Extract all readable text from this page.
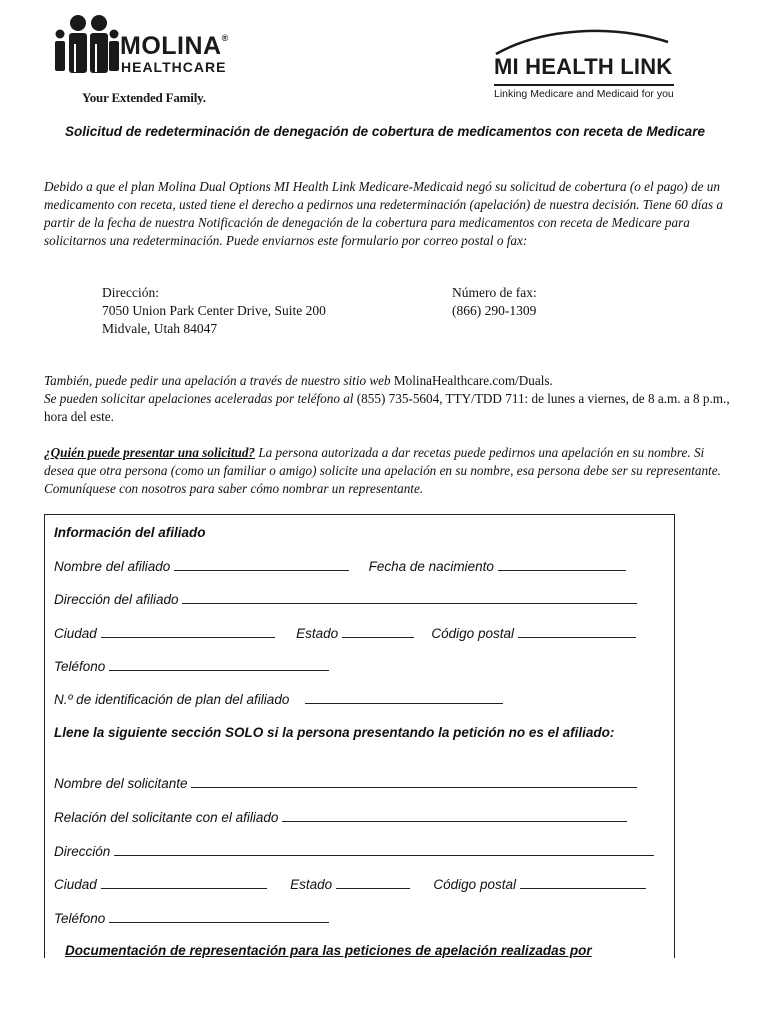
MOLINA®
HEALTHCARE
Your Extended Family.
MI HEALTH LINK
Linking Medicare and Medicaid for you
Solicitud de redeterminación de denegación de cobertura de medicamentos con receta de Medicare
Debido a que el plan Molina Dual Options MI Health Link Medicare-Medicaid negó su solicitud de cobertura (o el pago) de un medicamento con receta, usted tiene el derecho a pedirnos una redeterminación (apelación) de nuestra decisión. Tiene 60 días a partir de la fecha de nuestra Notificación de denegación de la cobertura para medicamentos con receta de Medicare para solicitarnos una redeterminación. Puede enviarnos este formulario por correo postal o fax:
Dirección:
7050 Union Park Center Drive, Suite 200
Midvale, Utah 84047
Número de fax:
(866) 290-1309
También, puede pedir una apelación a través de nuestro sitio web MolinaHealthcare.com/Duals.
Se pueden solicitar apelaciones aceleradas por teléfono al (855) 735-5604, TTY/TDD 711: de lunes a viernes, de 8 a.m. a 8 p.m., hora del este.
¿Quién puede presentar una solicitud? La persona autorizada a dar recetas puede pedirnos una apelación en su nombre. Si desea que otra persona (como un familiar o amigo) solicite una apelación en su nombre, esa persona debe ser su representante. Comuníquese con nosotros para saber cómo nombrar un representante.
Información del afiliado
Nombre del afiliado	Fecha de nacimiento
Dirección del afiliado
Ciudad	Estado	Código postal
Teléfono
N.º de identificación de plan del afiliado
Llene la siguiente sección SOLO si la persona presentando la petición no es el afiliado:
Nombre del solicitante
Relación del solicitante con el afiliado
Dirección
Ciudad	Estado	Código postal
Teléfono
Documentación de representación para las peticiones de apelación realizadas por
